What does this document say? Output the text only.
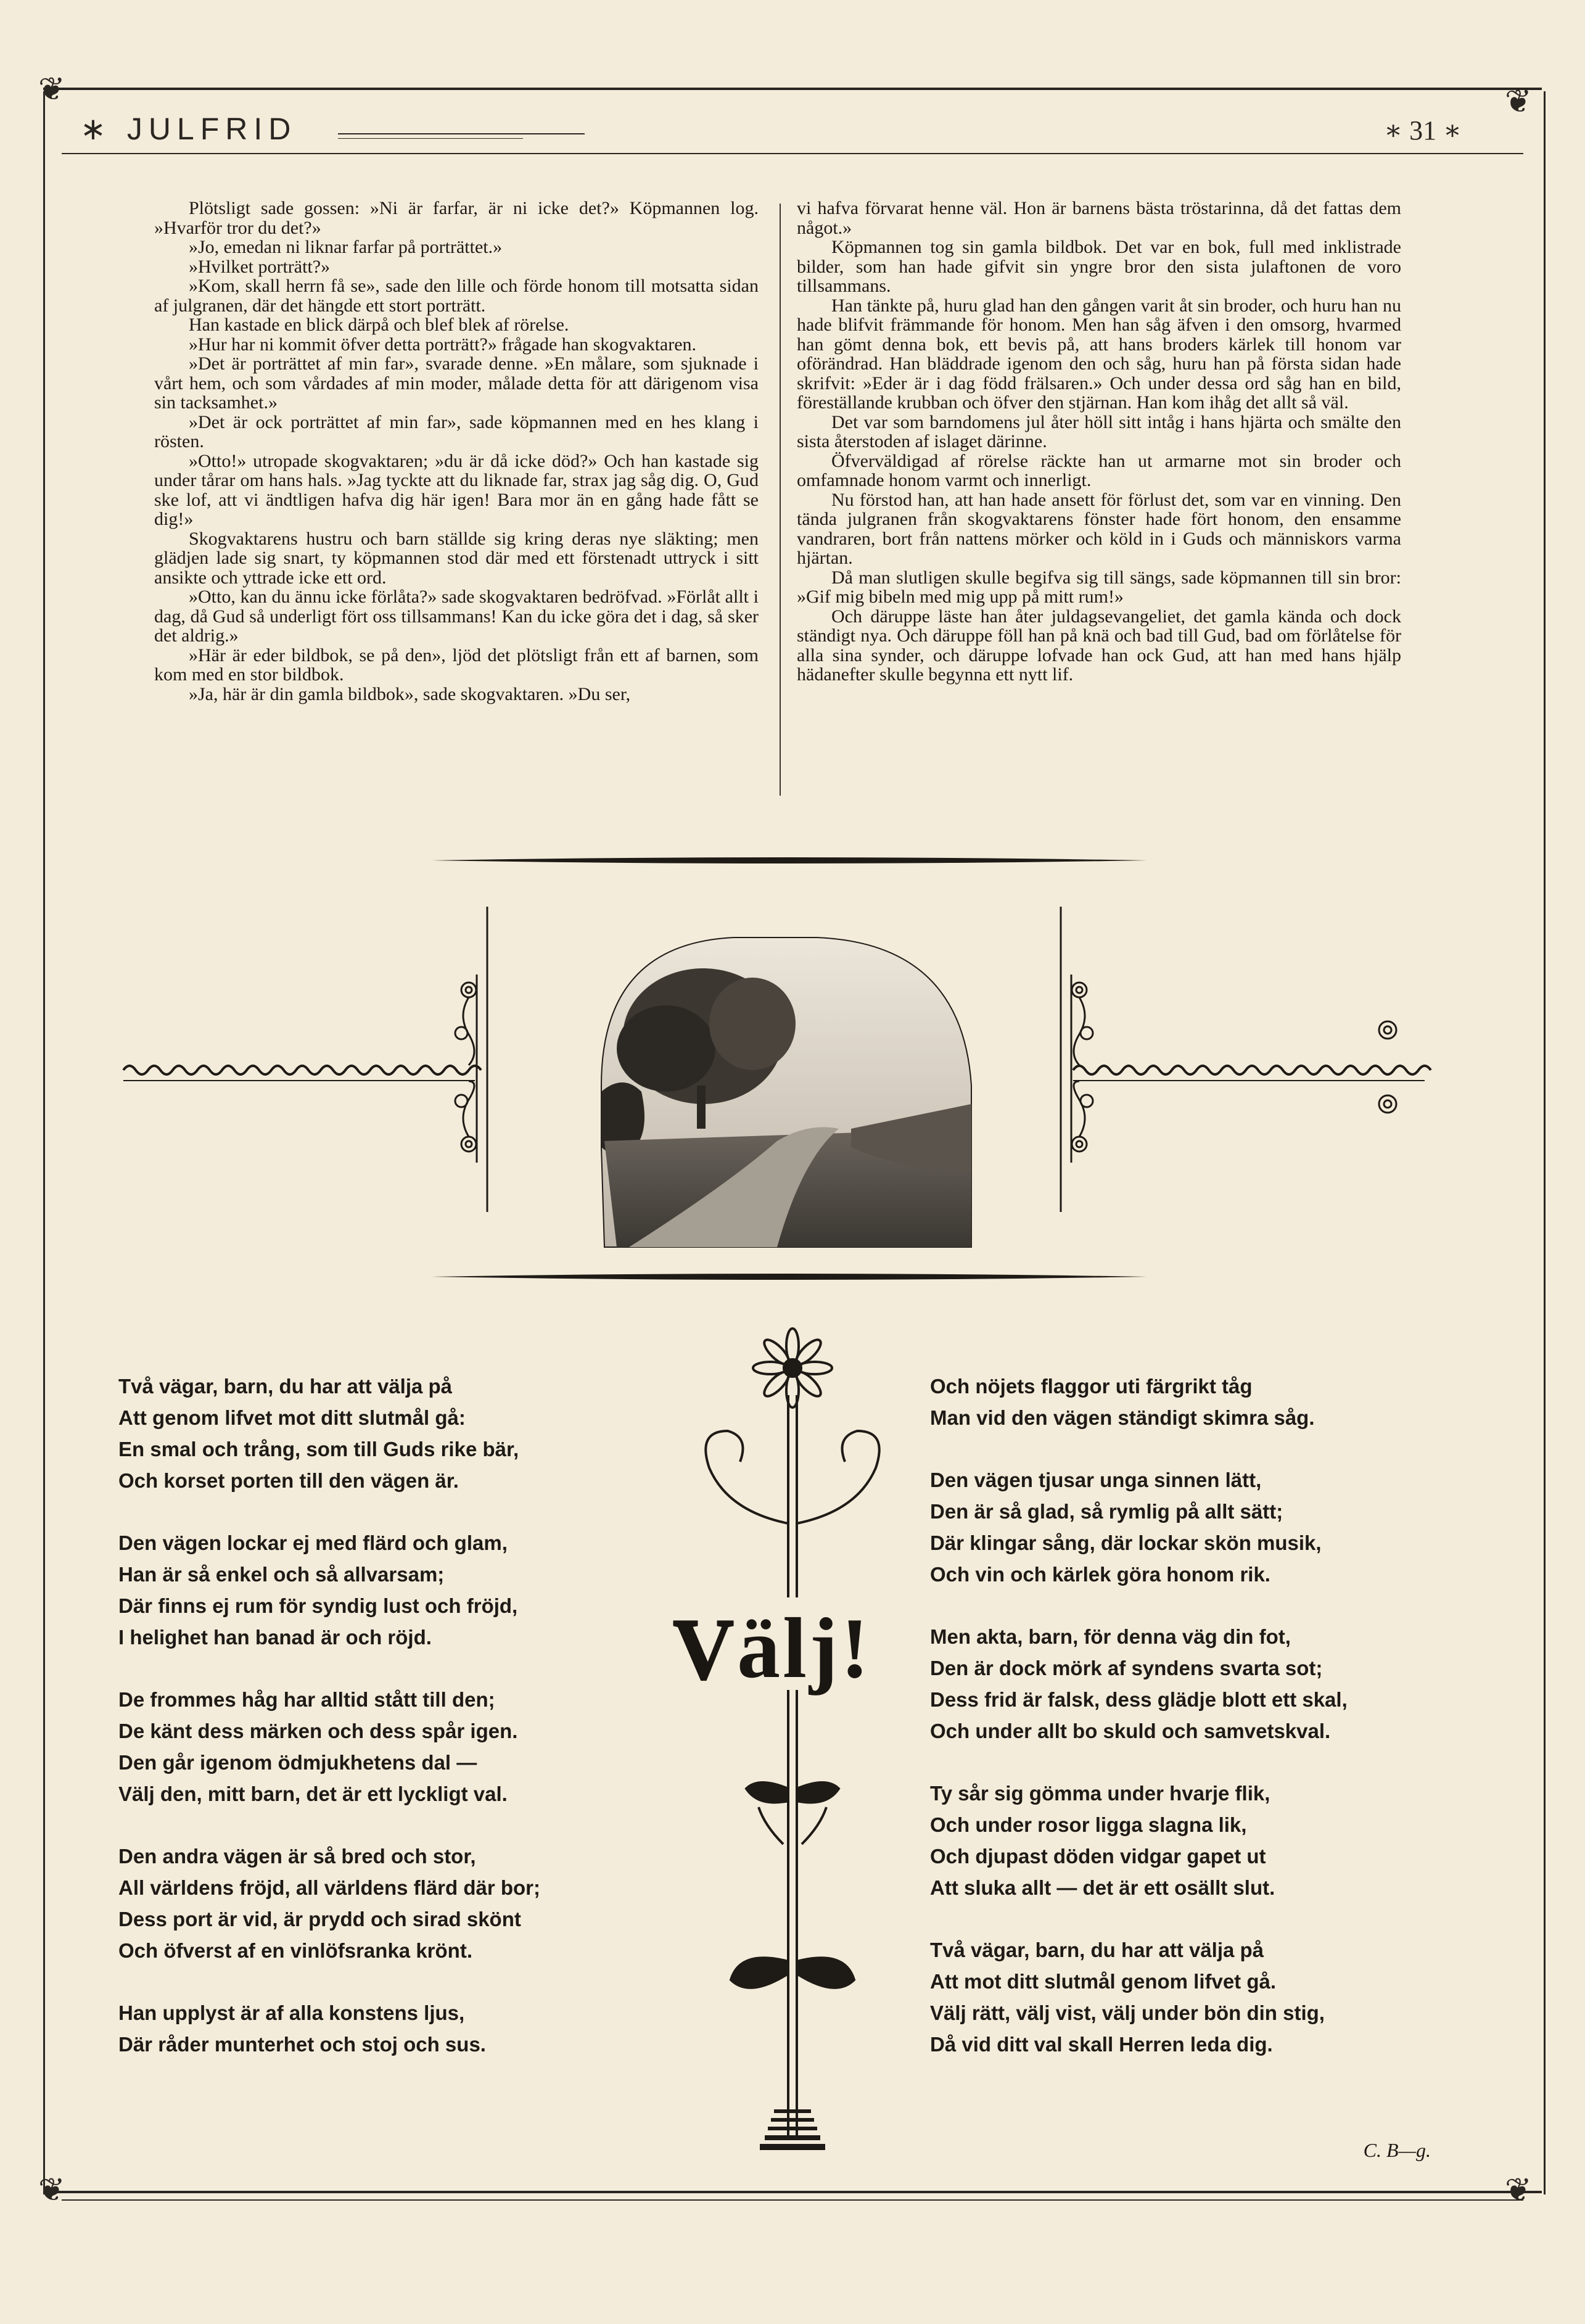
❦	❦
❦	❦
∗ JULFRID	∗ 31 ∗

Plötsligt sade gossen: »Ni är farfar, är ni icke det?» Köpmannen log. »Hvarför tror du det?»

»Jo, emedan ni liknar farfar på porträttet.»

»Hvilket porträtt?»

»Kom, skall herrn få se», sade den lille och förde honom till motsatta sidan af julgranen, där det hängde ett stort porträtt.

Han kastade en blick därpå och blef blek af rörelse.

»Hur har ni kommit öfver detta porträtt?» frågade han skogvaktaren.

»Det är porträttet af min far», svarade denne. »En målare, som sjuknade i vårt hem, och som vårdades af min moder, målade detta för att därigenom visa sin tacksamhet.»

»Det är ock porträttet af min far», sade köpmannen med en hes klang i rösten.

»Otto!» utropade skogvaktaren; »du är då icke död?» Och han kastade sig under tårar om hans hals. »Jag tyckte att du liknade far, strax jag såg dig. O, Gud ske lof, att vi ändtligen hafva dig här igen! Bara mor än en gång hade fått se dig!»

Skogvaktarens hustru och barn ställde sig kring deras nye släkting; men glädjen lade sig snart, ty köpmannen stod där med ett förstenadt uttryck i sitt ansikte och yttrade icke ett ord.

»Otto, kan du ännu icke förlåta?» sade skogvaktaren bedröfvad. »Förlåt allt i dag, då Gud så underligt fört oss tillsammans! Kan du icke göra det i dag, så sker det aldrig.»

»Här är eder bildbok, se på den», ljöd det plötsligt från ett af barnen, som kom med en stor bildbok.

»Ja, här är din gamla bildbok», sade skogvaktaren. »Du ser,

vi hafva förvarat henne väl. Hon är barnens bästa tröstarinna, då det fattas dem något.»

Köpmannen tog sin gamla bildbok. Det var en bok, full med inklistrade bilder, som han hade gifvit sin yngre bror den sista julaftonen de voro tillsammans.

Han tänkte på, huru glad han den gången varit åt sin broder, och huru han nu hade blifvit främmande för honom. Men han såg äfven i den omsorg, hvarmed han gömt denna bok, ett bevis på, att hans broders kärlek till honom var oförändrad. Han bläddrade igenom den och såg, huru han på första sidan hade skrifvit: »Eder är i dag född frälsaren.» Och under dessa ord såg han en bild, föreställande krubban och öfver den stjärnan. Han kom ihåg det allt så väl.

Det var som barndomens jul åter höll sitt intåg i hans hjärta och smälte den sista återstoden af islaget därinne.

Öfverväldigad af rörelse räckte han ut armarne mot sin broder och omfamnade honom varmt och innerligt.

Nu förstod han, att han hade ansett för förlust det, som var en vinning. Den tända julgranen från skogvaktarens fönster hade fört honom, den ensamme vandraren, bort från nattens mörker och köld in i Guds och människors varma hjärtan.

Då man slutligen skulle begifva sig till sängs, sade köpmannen till sin bror: »Gif mig bibeln med mig upp på mitt rum!»

Och däruppe läste han åter juldagsevangeliet, det gamla kända och dock ständigt nya. Och däruppe föll han på knä och bad till Gud, bad om förlåtelse för alla sina synder, och däruppe lofvade han ock Gud, att han med hans hjälp hädanefter skulle begynna ett nytt lif.

Två vägar, barn, du har att välja på
Att genom lifvet mot ditt slutmål gå:
En smal och trång, som till Guds rike bär,
Och korset porten till den vägen är.
Den vägen lockar ej med flärd och glam,
Han är så enkel och så allvarsam;
Där finns ej rum för syndig lust och fröjd,
I helighet han banad är och röjd.
De frommes håg har alltid stått till den;
De känt dess märken och dess spår igen.
Den går igenom ödmjukhetens dal —
Välj den, mitt barn, det är ett lyckligt val.
Den andra vägen är så bred och stor,
All världens fröjd, all världens flärd där bor;
Dess port är vid, är prydd och sirad skönt
Och öfverst af en vinlöfsranka krönt.
Han upplyst är af alla konstens ljus,
Där råder munterhet och stoj och sus.
Välj!
Och nöjets flaggor uti färgrikt tåg
Man vid den vägen ständigt skimra såg.
Den vägen tjusar unga sinnen lätt,
Den är så glad, så rymlig på allt sätt;
Där klingar sång, där lockar skön musik,
Och vin och kärlek göra honom rik.
Men akta, barn, för denna väg din fot,
Den är dock mörk af syndens svarta sot;
Dess frid är falsk, dess glädje blott ett skal,
Och under allt bo skuld och samvetskval.
Ty sår sig gömma under hvarje flik,
Och under rosor ligga slagna lik,
Och djupast döden vidgar gapet ut
Att sluka allt — det är ett osällt slut.
Två vägar, barn, du har att välja på
Att mot ditt slutmål genom lifvet gå.
Välj rätt, välj vist, välj under bön din stig,
Då vid ditt val skall Herren leda dig.
C. B—g.
